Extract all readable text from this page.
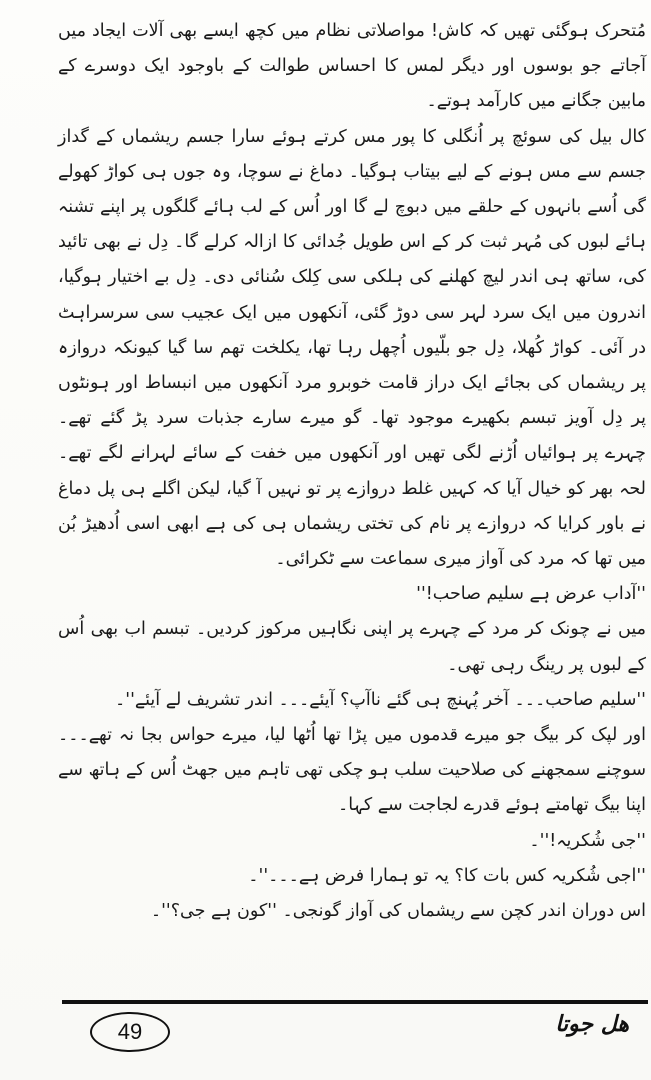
مُتحرک ہوگئی تھیں کہ کاش! مواصلاتی نظام میں کچھ ایسے بھی آلات ایجاد میں آجاتے جو بوسوں اور دیگر لمس کا احساس طوالت کے باوجود ایک دوسرے کے مابین جگانے میں کارآمد ہوتے۔

کال بیل کی سوئچ پر اُنگلی کا پور مس کرتے ہوئے سارا جسم ریشماں کے گداز جسم سے مس ہونے کے لیے بیتاب ہوگیا۔ دماغ نے سوچا، وہ جوں ہی کواڑ کھولے گی اُسے بانہوں کے حلقے میں دبوچ لے گا اور اُس کے لب ہائے گلگوں پر اپنے تشنہ ہائے لبوں کی مُہر ثبت کر کے اس طویل جُدائی کا ازالہ کرلے گا۔ دِل نے بھی تائید کی، ساتھ ہی اندر لیچ کھلنے کی ہلکی سی کِلک سُنائی دی۔ دِل بے اختیار ہوگیا، اندرون میں ایک سرد لہر سی دوڑ گئی، آنکھوں میں ایک عجیب سی سرسراہٹ در آئی۔ کواڑ کُھلا، دِل جو بلّیوں اُچھل رہا تھا، یکلخت تھم سا گیا کیونکہ دروازہ پر ریشماں کی بجائے ایک دراز قامت خوبرو مرد آنکھوں میں انبساط اور ہونٹوں پر دِل آویز تبسم بکھیرے موجود تھا۔ گو میرے سارے جذبات سرد پڑ گئے تھے۔ چہرے پر ہوائیاں اُڑنے لگی تھیں اور آنکھوں میں خفت کے سائے لہرانے لگے تھے۔ لحہ بھر کو خیال آیا کہ کہیں غلط دروازے پر تو نہیں آ گیا، لیکن اگلے ہی پل دماغ نے باور کرایا کہ دروازے پر نام کی تختی ریشماں ہی کی ہے ابھی اسی اُدھیڑ بُن میں تھا کہ مرد کی آواز میری سماعت سے ٹکرائی۔

''آداب عرض ہے سلیم صاحب!''

میں نے چونک کر مرد کے چہرے پر اپنی نگاہیں مرکوز کردیں۔ تبسم اب بھی اُس کے لبوں پر رینگ رہی تھی۔

''سلیم صاحب۔۔۔ آخر پُہنچ ہی گئے ناآپ؟ آیئے۔۔۔ اندر تشریف لے آیئے''۔

اور لپک کر بیگ جو میرے قدموں میں پڑا تھا اُٹھا لیا، میرے حواس بجا نہ تھے۔۔۔ سوچنے سمجھنے کی صلاحیت سلب ہو چکی تھی تاہم میں جھٹ اُس کے ہاتھ سے اپنا بیگ تھامتے ہوئے قدرے لجاجت سے کہا۔

''جی شُکریہ!''۔

''اجی شُکریہ کس بات کا؟ یہ تو ہمارا فرض ہے۔۔۔''۔

اس دوران اندر کچن سے ریشماں کی آواز گونجی۔ ''کون ہے جی؟''۔

49	ھل جوتا
